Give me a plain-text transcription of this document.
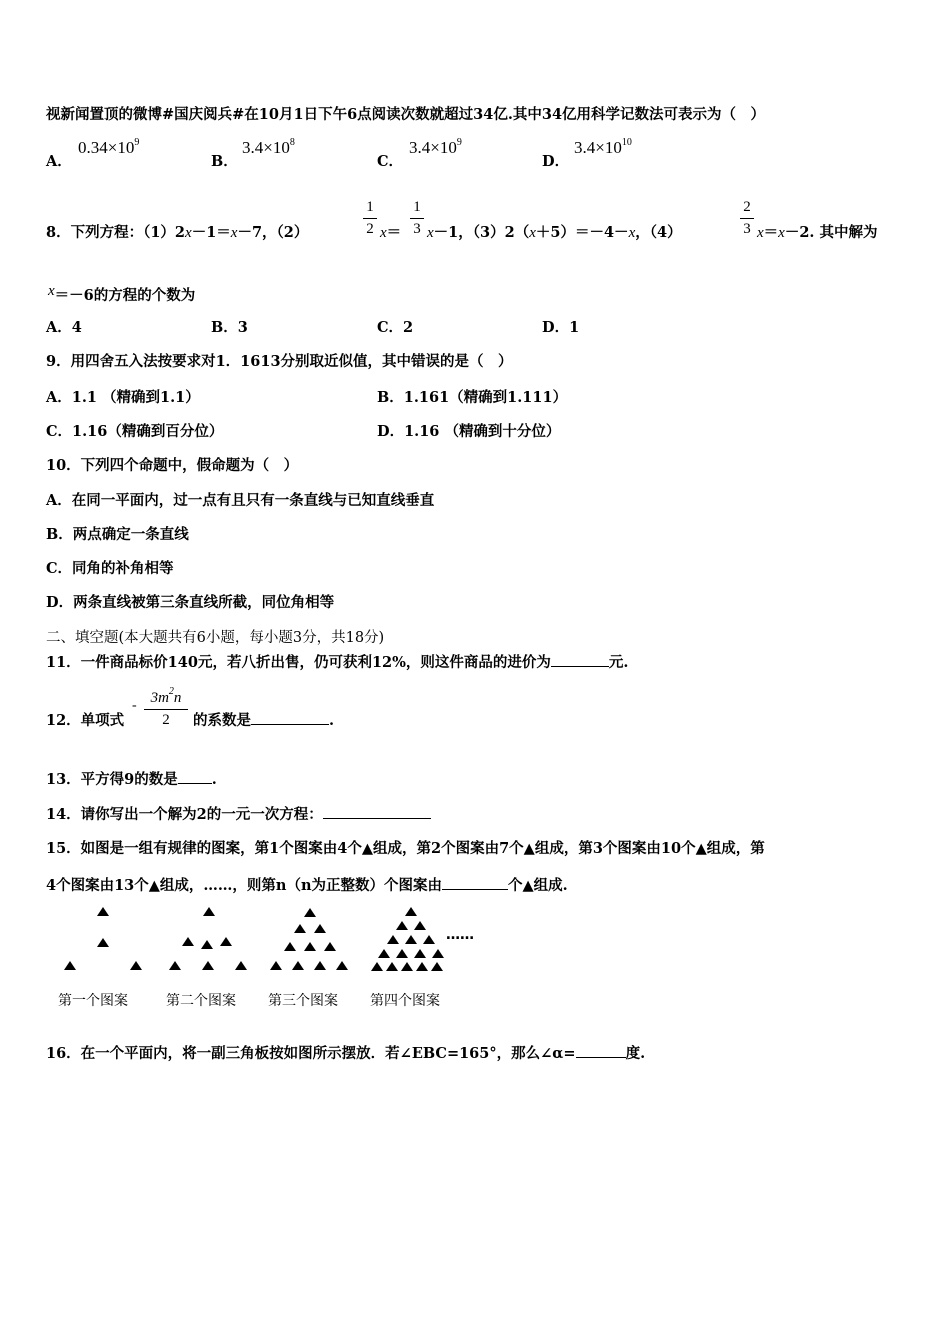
视新闻置顶的微博#国庆阅兵#在10月1日下午6点阅读次数就超过34亿.其中34亿用科学记数法可表示为（　）
A．
$0.34\times 10^9$
B．
$3.4\times 10^8$
C．
$3.4\times 10^9$
D．
$3.4\times 10^{10}$
8．下列方程：（1）2x－1＝x－7，（2）
1
2 x＝
1
3 x－1，（3）2（x＋5）＝－4－x，（4）
2
3 x＝x－2. 其中解为
x＝－6的方程的个数为
A．4	B．3	C．2	D．1
9．用四舍五入法按要求对1．1613分别取近似值，其中错误的是（　）
A．1.1 （精确到1.1）	B．1.161（精确到1.111）
C．1.16（精确到百分位）	D．1.16 （精确到十分位）
10．下列四个命题中，假命题为（　）
A．在同一平面内，过一点有且只有一条直线与已知直线垂直
B．两点确定一条直线
C．同角的补角相等
D．两条直线被第三条直线所截，同位角相等
二、填空题(本大题共有6小题，每小题3分，共18分)
11．一件商品标价140元，若八折出售，仍可获利12%，则这件商品的进价为	元.
12．单项式
- $3m^2n$
2	的系数是	.
13．平方得9的数是 .
14．请你写出一个解为2的一元一次方程：
15．如图是一组有规律的图案，第1个图案由4个▲组成，第2个图案由7个▲组成，第3个图案由10个▲组成，第
4个图案由13个▲组成，……，则第n（n为正整数）个图案由	个▲组成.
……
第一个图案	第二个图案 第三个图案 第四个图案
16．在一个平面内，将一副三角板按如图所示摆放．若∠EBC=165°，那么∠α=	度.
